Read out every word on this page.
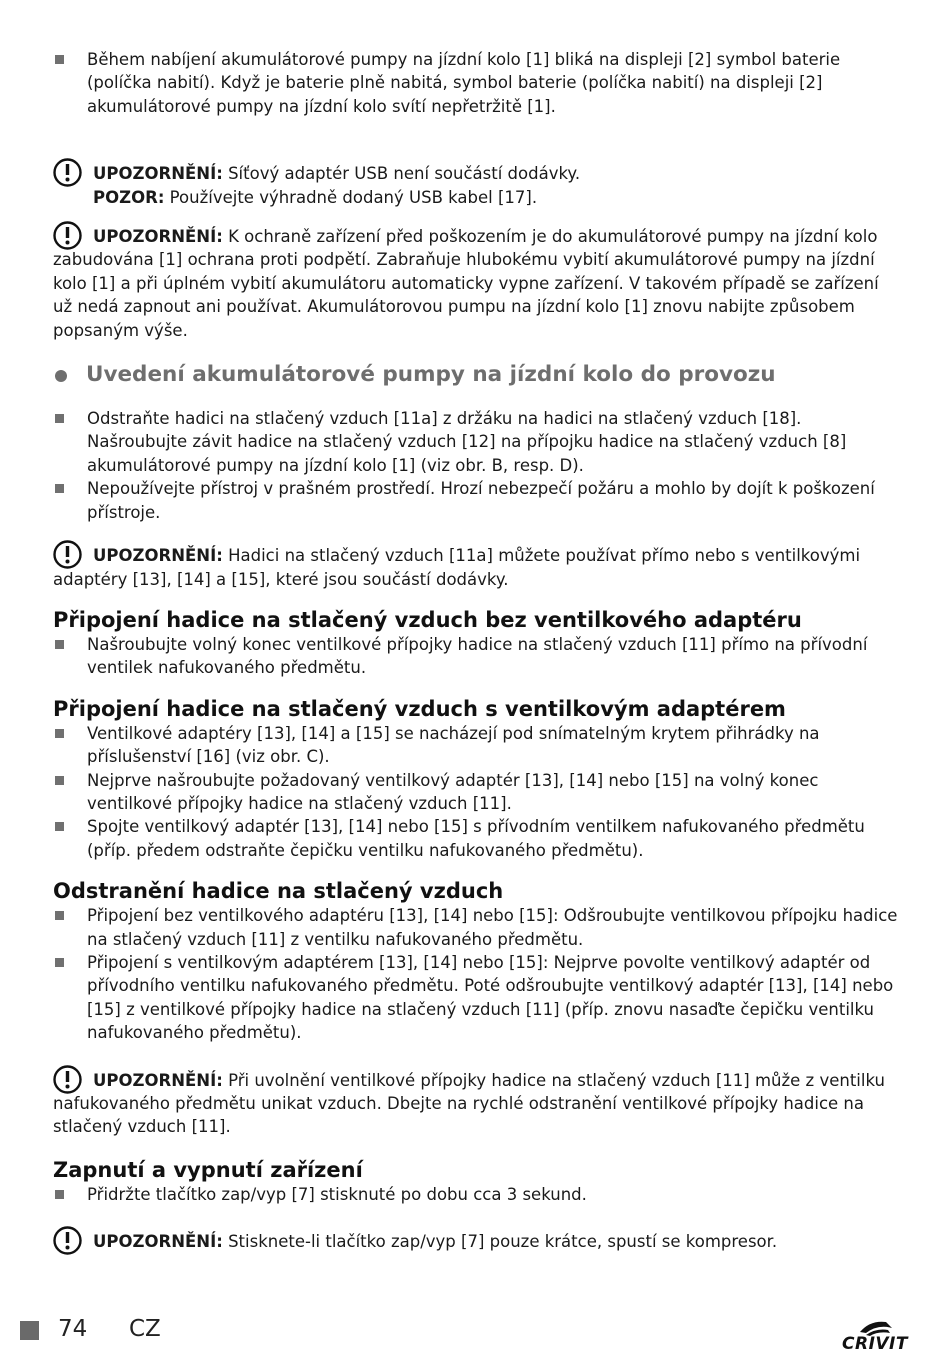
Během nabíjení akumulátorové pumpy na jízdní kolo [1] bliká na displeji [2] symbol baterie (políčka nabití). Když je baterie plně nabitá, symbol baterie (políčka nabití) na displeji [2] akumulátorové pumpy na jízdní kolo svítí nepřetržitě [1].
UPOZORNĚNÍ: Síťový adaptér USB není součástí dodávky.
POZOR: Používejte výhradně dodaný USB kabel [17].
UPOZORNĚNÍ: K ochraně zařízení před poškozením je do akumulátorové pumpy na jízdní kolo zabudována [1] ochrana proti podpětí. Zabraňuje hlubokému vybití akumulátorové pumpy na jízdní kolo [1] a při úplném vybití akumulátoru automaticky vypne zařízení. V takovém případě se zařízení už nedá zapnout ani používat. Akumulátorovou pumpu na jízdní kolo [1] znovu nabijte způsobem popsaným výše.
Uvedení akumulátorové pumpy na jízdní kolo do provozu
Odstraňte hadici na stlačený vzduch [11a] z držáku na hadici na stlačený vzduch [18]. Našroubujte závit hadice na stlačený vzduch [12] na přípojku hadice na stlačený vzduch [8] akumulátorové pumpy na jízdní kolo [1] (viz obr. B, resp. D).
Nepoužívejte přístroj v prašném prostředí. Hrozí nebezpečí požáru a mohlo by dojít k poškození přístroje.
UPOZORNĚNÍ: Hadici na stlačený vzduch [11a] můžete používat přímo nebo s ventilkovými adaptéry [13], [14] a [15], které jsou součástí dodávky.
Připojení hadice na stlačený vzduch bez ventilkového adaptéru
Našroubujte volný konec ventilkové přípojky hadice na stlačený vzduch [11] přímo na přívodní ventilek nafukovaného předmětu.
Připojení hadice na stlačený vzduch s ventilkovým adaptérem
Ventilkové adaptéry [13], [14] a [15] se nacházejí pod snímatelným krytem přihrádky na příslušenství [16] (viz obr. C).
Nejprve našroubujte požadovaný ventilkový adaptér [13], [14] nebo [15] na volný konec ventilkové přípojky hadice na stlačený vzduch [11].
Spojte ventilkový adaptér [13], [14] nebo [15] s přívodním ventilkem nafukovaného předmětu (příp. předem odstraňte čepičku ventilku nafukovaného předmětu).
Odstranění hadice na stlačený vzduch
Připojení bez ventilkového adaptéru [13], [14] nebo [15]: Odšroubujte ventilkovou přípojku hadice na stlačený vzduch [11] z ventilku nafukovaného předmětu.
Připojení s ventilkovým adaptérem [13], [14] nebo [15]: Nejprve povolte ventilkový adaptér od přívodního ventilku nafukovaného předmětu. Poté odšroubujte ventilkový adaptér [13], [14] nebo [15] z ventilkové přípojky hadice na stlačený vzduch [11] (příp. znovu nasaďte čepičku ventilku nafukovaného předmětu).
UPOZORNĚNÍ: Při uvolnění ventilkové přípojky hadice na stlačený vzduch [11] může z ventilku nafukovaného předmětu unikat vzduch. Dbejte na rychlé odstranění ventilkové přípojky hadice na stlačený vzduch [11].
Zapnutí a vypnutí zařízení
Přidržte tlačítko zap/vyp [7] stisknuté po dobu cca 3 sekund.
UPOZORNĚNÍ: Stisknete-li tlačítko zap/vyp [7] pouze krátce, spustí se kompresor.
74 CZ
CRIVIT
